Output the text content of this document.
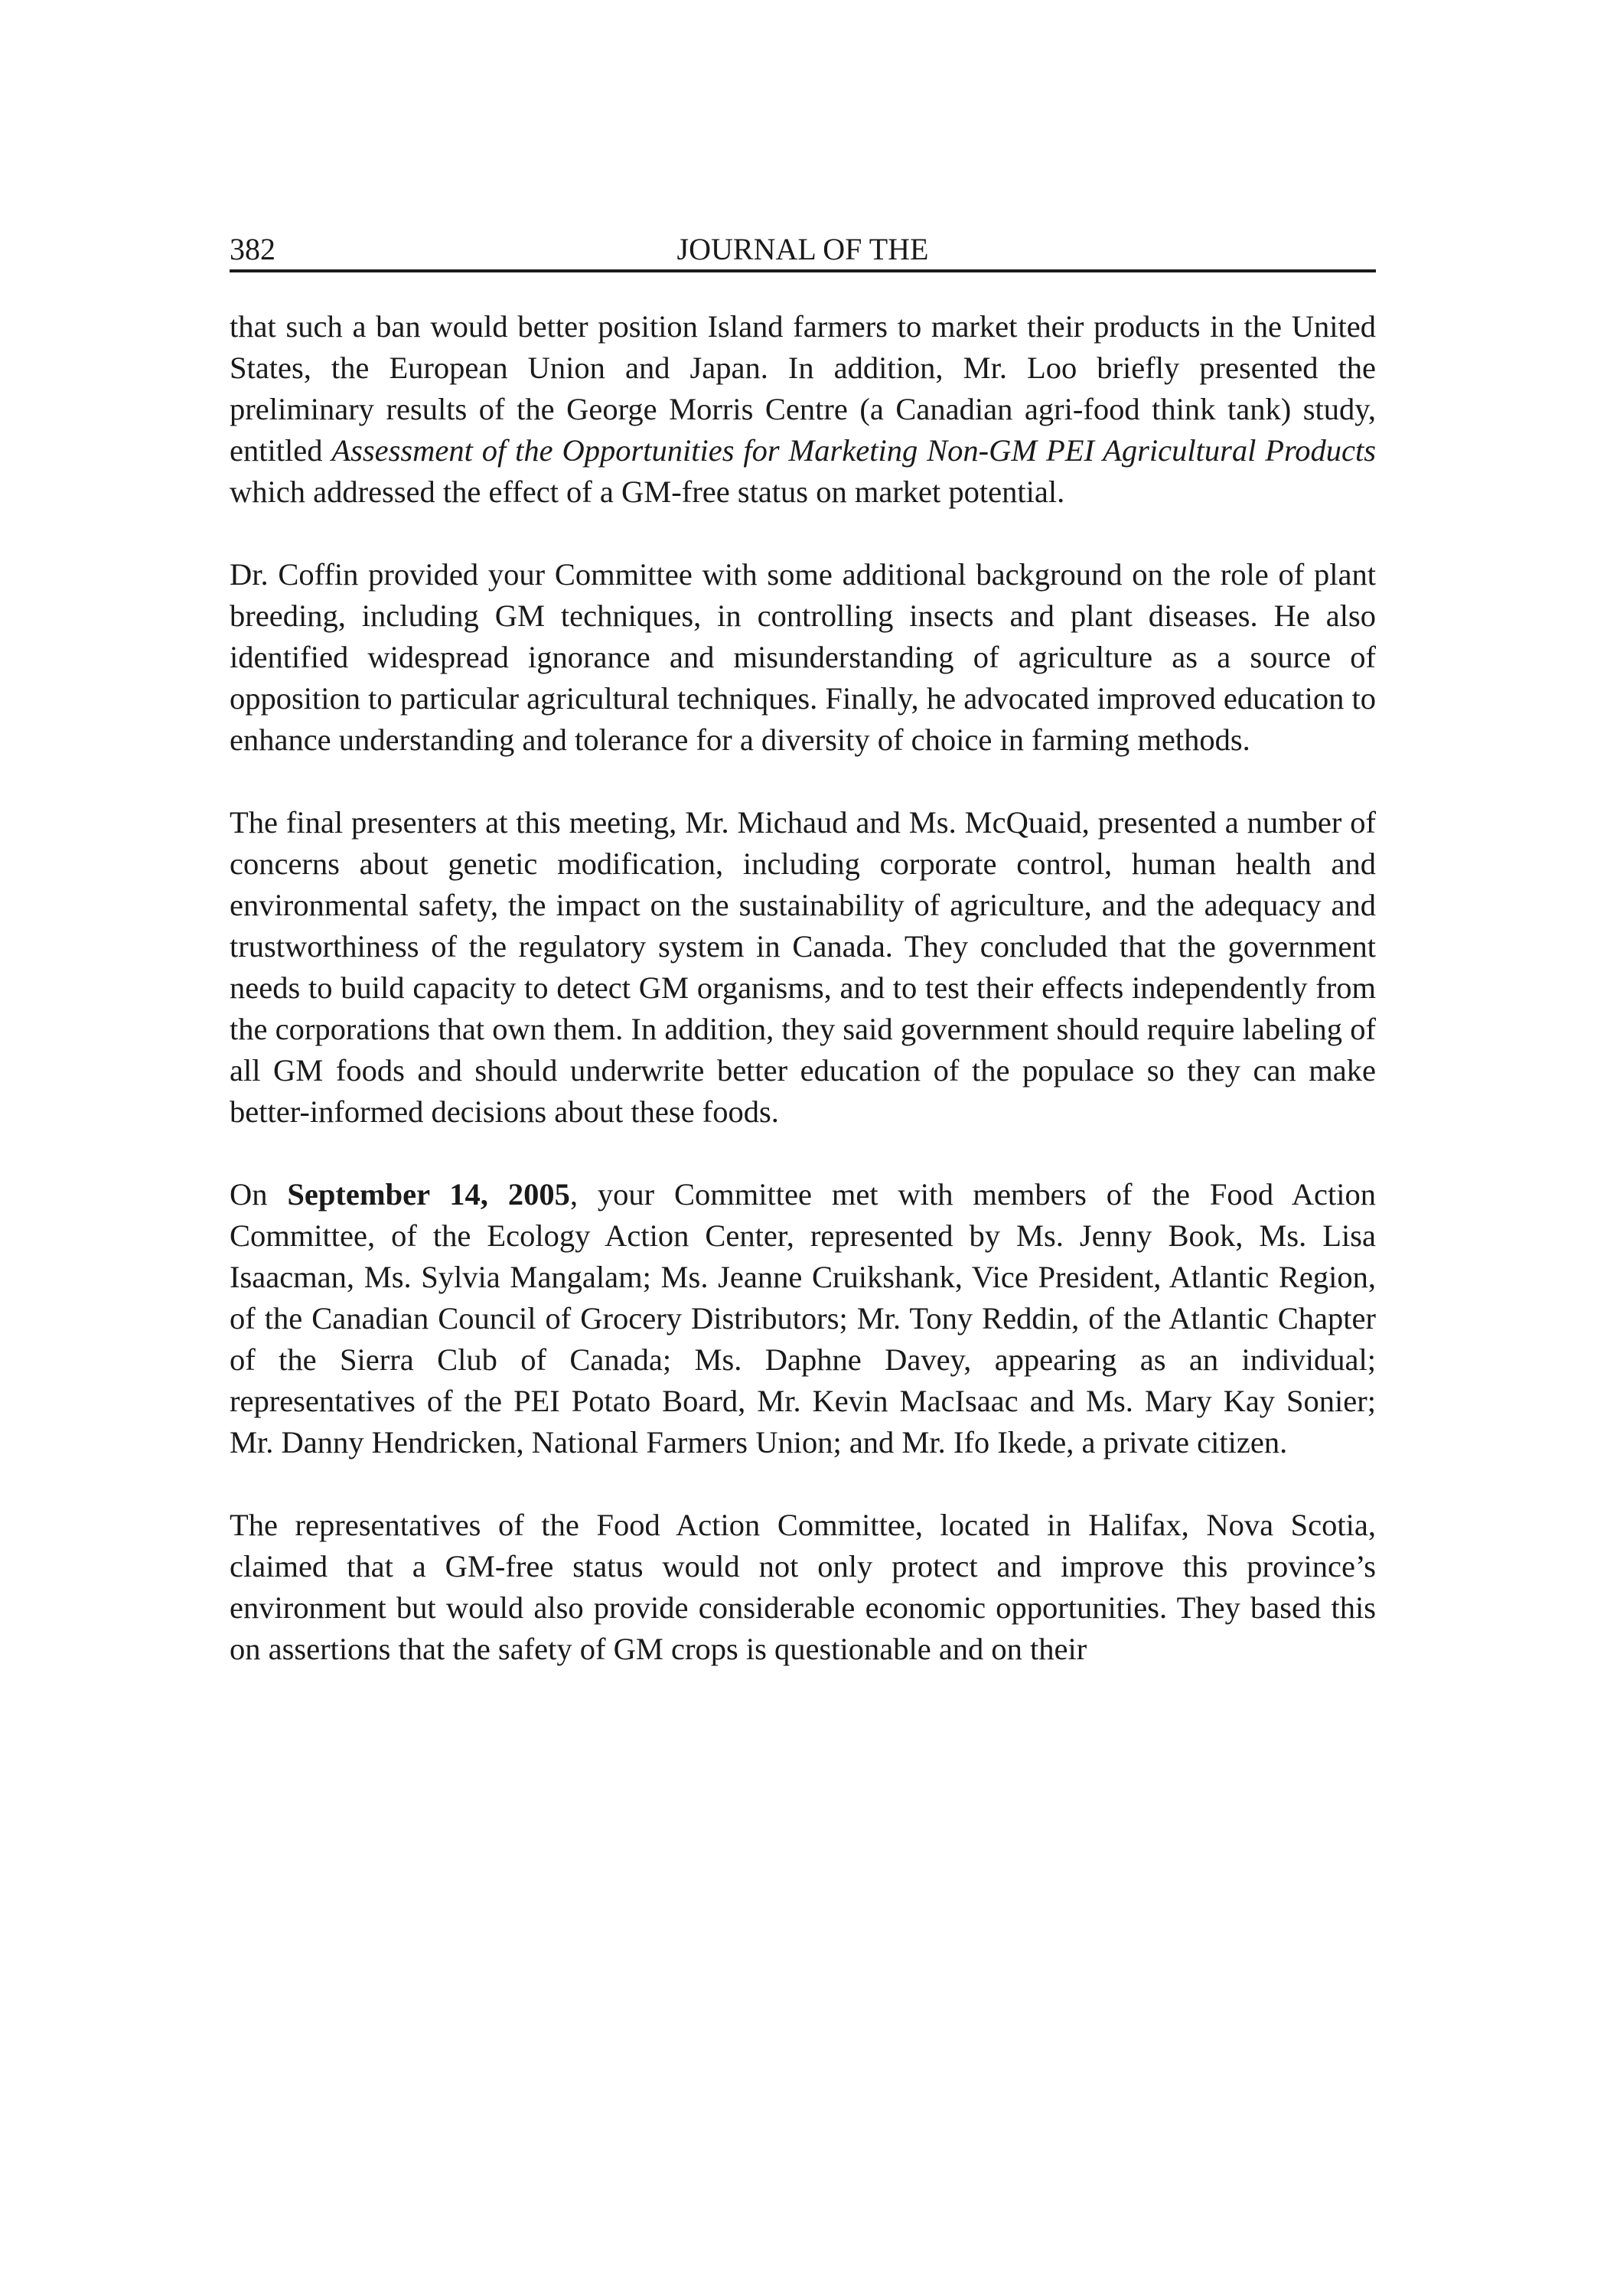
382	JOURNAL OF THE

that such a ban would better position Island farmers to market their products in the United States, the European Union and Japan. In addition, Mr. Loo briefly presented the preliminary results of the George Morris Centre (a Canadian agri-food think tank) study, entitled Assessment of the Opportunities for Marketing Non-GM PEI Agricultural Products which addressed the effect of a GM-free status on market potential.

Dr. Coffin provided your Committee with some additional background on the role of plant breeding, including GM techniques, in controlling insects and plant diseases. He also identified widespread ignorance and misunderstanding of agriculture as a source of opposition to particular agricultural techniques. Finally, he advocated improved education to enhance understanding and tolerance for a diversity of choice in farming methods.

The final presenters at this meeting, Mr. Michaud and Ms. McQuaid, presented a number of concerns about genetic modification, including corporate control, human health and environmental safety, the impact on the sustainability of agriculture, and the adequacy and trustworthiness of the regulatory system in Canada. They concluded that the government needs to build capacity to detect GM organisms, and to test their effects independently from the corporations that own them. In addition, they said government should require labeling of all GM foods and should underwrite better education of the populace so they can make better-informed decisions about these foods.

On September 14, 2005, your Committee met with members of the Food Action Committee, of the Ecology Action Center, represented by Ms. Jenny Book, Ms. Lisa Isaacman, Ms. Sylvia Mangalam; Ms. Jeanne Cruikshank, Vice President, Atlantic Region, of the Canadian Council of Grocery Distributors; Mr. Tony Reddin, of the Atlantic Chapter of the Sierra Club of Canada; Ms. Daphne Davey, appearing as an individual; representatives of the PEI Potato Board, Mr. Kevin MacIsaac and Ms. Mary Kay Sonier; Mr. Danny Hendricken, National Farmers Union; and Mr. Ifo Ikede, a private citizen.

The representatives of the Food Action Committee, located in Halifax, Nova Scotia, claimed that a GM-free status would not only protect and improve this province’s environment but would also provide considerable economic opportunities. They based this on assertions that the safety of GM crops is questionable and on their
